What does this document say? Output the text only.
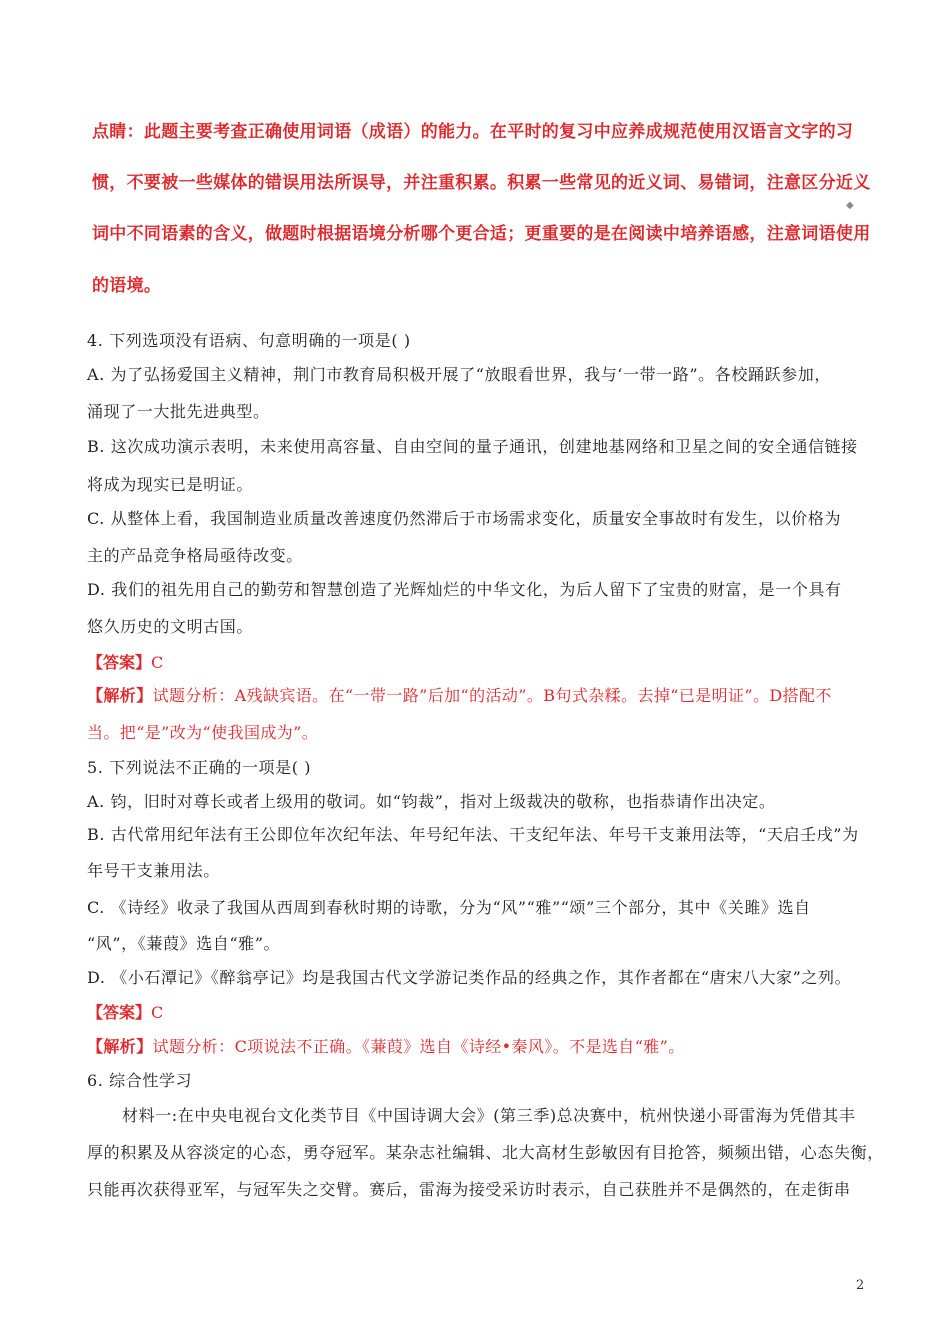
点睛：此题主要考查正确使用词语（成语）的能力。在平时的复习中应养成规范使用汉语言文字的习
惯，不要被一些媒体的错误用法所误导，并注重积累。积累一些常见的近义词、易错词，注意区分近义
◆
词中不同语素的含义，做题时根据语境分析哪个更合适；更重要的是在阅读中培养语感，注意词语使用
的语境。
4. 下列选项没有语病、句意明确的一项是( )
A. 为了弘扬爱国主义精神，荆门市教育局积极开展了“放眼看世界，我与‘一带一路”。各校踊跃参加，
涌现了一大批先进典型。
B. 这次成功演示表明，未来使用高容量、自由空间的量子通讯，创建地基网络和卫星之间的安全通信链接
将成为现实已是明证。
C. 从整体上看，我国制造业质量改善速度仍然滞后于市场需求变化，质量安全事故时有发生，以价格为
主的产品竞争格局亟待改变。
D. 我们的祖先用自己的勤劳和智慧创造了光辉灿烂的中华文化，为后人留下了宝贵的财富，是一个具有
悠久历史的文明古国。
【答案】C
【解析】试题分析：A残缺宾语。在“一带一路”后加“的活动”。B句式杂糅。去掉“已是明证”。D搭配不
当。把“是”改为“使我国成为”。
5. 下列说法不正确的一项是( )
A. 钧，旧时对尊长或者上级用的敬词。如“钧裁”，指对上级裁决的敬称，也指恭请作出决定。
B. 古代常用纪年法有王公即位年次纪年法、年号纪年法、干支纪年法、年号干支兼用法等，“天启壬戌”为
年号干支兼用法。
C. 《诗经》收录了我国从西周到春秋时期的诗歌，分为“风”“雅”“颂”三个部分，其中《关雎》选自
“风”，《蒹葭》选自“雅”。
D. 《小石潭记》《醉翁亭记》均是我国古代文学游记类作品的经典之作，其作者都在“唐宋八大家”之列。
【答案】C
【解析】试题分析：C项说法不正确。《蒹葭》选自《诗经•秦风》。不是选自“雅”。
6. 综合性学习
材料一:在中央电视台文化类节目《中国诗调大会》(第三季)总决赛中，杭州快递小哥雷海为凭借其丰
厚的积累及从容淡定的心态，勇夺冠军。某杂志社编辑、北大高材生彭敏因有目抢答，频频出错，心态失衡，
只能再次获得亚军，与冠军失之交臂。赛后，雷海为接受采访时表示，自己获胜并不是偶然的，在走街串
2
